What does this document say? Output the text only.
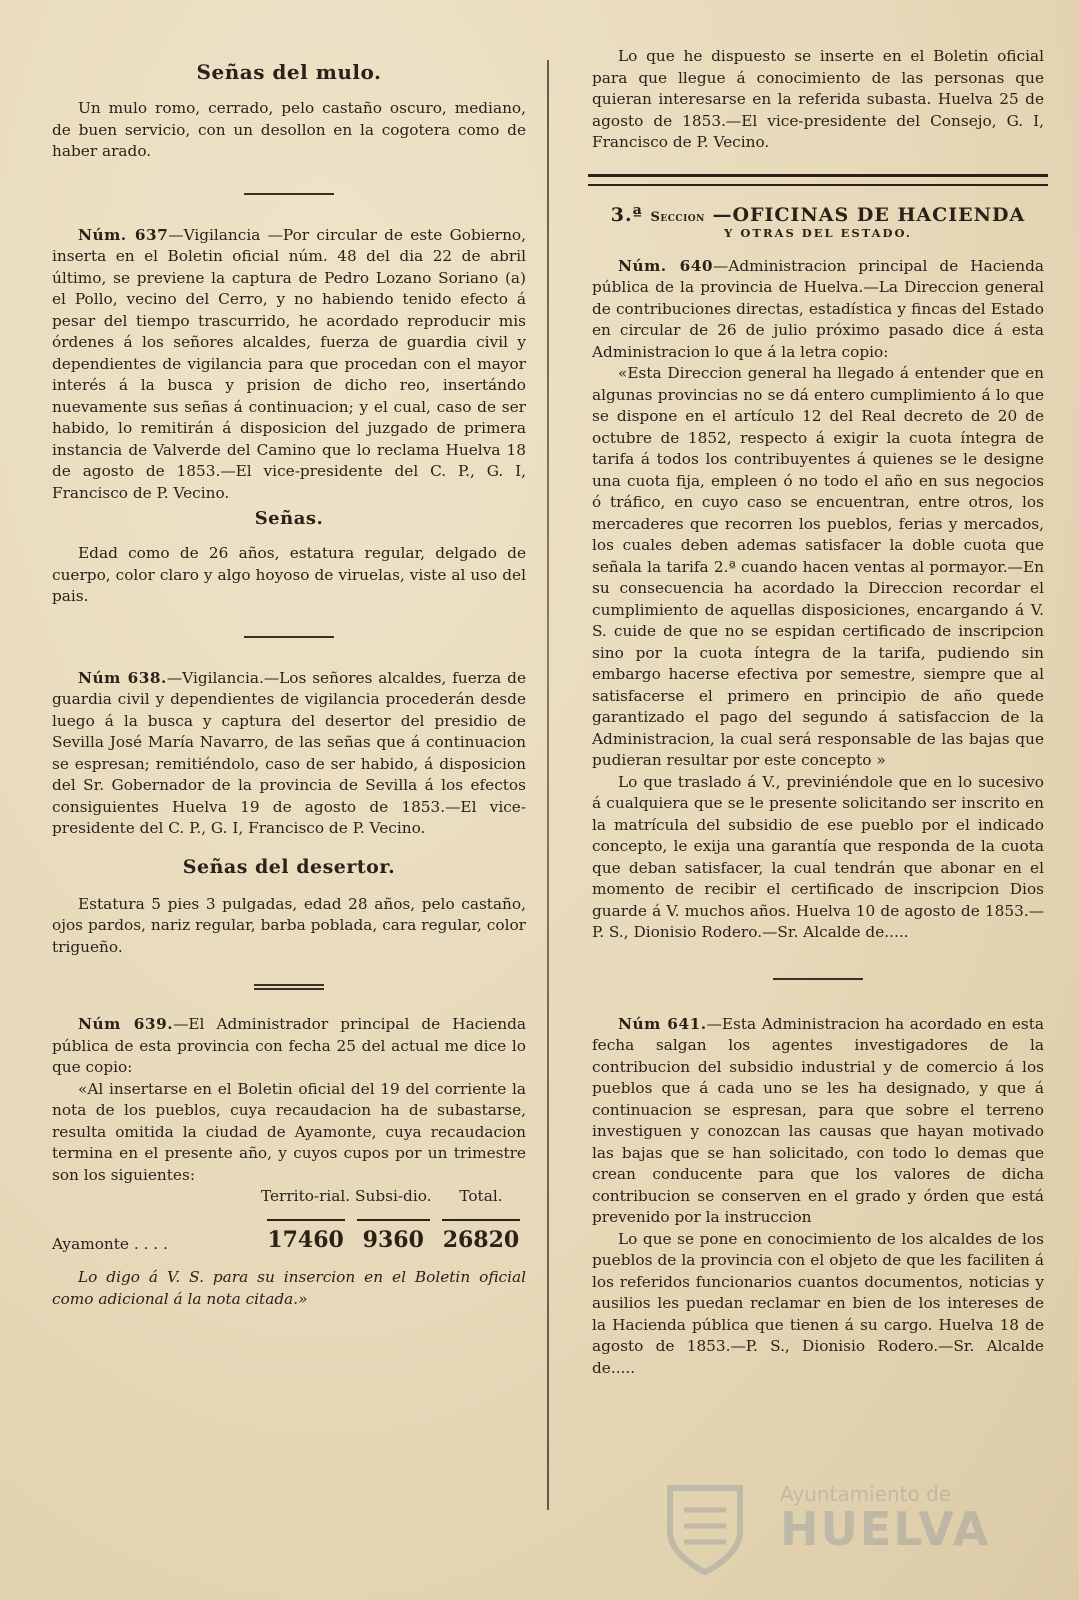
Señas del mulo.

Un mulo romo, cerrado, pelo castaño oscuro, mediano, de buen servicio, con un desollon en la cogotera como de haber arado.

Núm. 637—Vigilancia —Por circular de este Gobierno, inserta en el Boletin oficial núm. 48 del dia 22 de abril último, se previene la captura de Pedro Lozano Soriano (a) el Pollo, vecino del Cerro, y no habiendo tenido efecto á pesar del tiempo trascurrido, he acordado reproducir mis órdenes á los señores alcaldes, fuerza de guardia civil y dependientes de vigilancia para que procedan con el mayor interés á la busca y prision de dicho reo, insertándo nuevamente sus señas á continuacion; y el cual, caso de ser habido, lo remitirán á disposicion del juzgado de primera instancia de Valverde del Camino que lo reclama Huelva 18 de agosto de 1853.—El vice-presidente del C. P., G. I, Francisco de P. Vecino.

Señas.

Edad como de 26 años, estatura regular, delgado de cuerpo, color claro y algo hoyoso de viruelas, viste al uso del pais.

Núm 638.—Vigilancia.—Los señores alcaldes, fuerza de guardia civil y dependientes de vigilancia procederán desde luego á la busca y captura del desertor del presidio de Sevilla José María Navarro, de las señas que á continuacion se espresan; remitiéndolo, caso de ser habido, á disposicion del Sr. Gobernador de la provincia de Sevilla á los efectos consiguientes Huelva 19 de agosto de 1853.—El vice-presidente del C. P., G. I, Francisco de P. Vecino.

Señas del desertor.

Estatura 5 pies 3 pulgadas, edad 28 años, pelo castaño, ojos pardos, nariz regular, barba poblada, cara regular, color trigueño.

Núm 639.—El Administrador principal de Hacienda pública de esta provincia con fecha 25 del actual me dice lo que copio:

«Al insertarse en el Boletin oficial del 19 del corriente la nota de los pueblos, cuya recaudacion ha de subastarse, resulta omitida la ciudad de Ayamonte, cuya recaudacion termina en el presente año, y cuyos cupos por un trimestre son los siguientes:

	Territo-rial.	Subsi-dio.	Total.

Ayamonte . . . .	17460	9360	26820

Lo digo á V. S. para su insercion en el Boletin oficial como adicional á la nota citada.»

Lo que he dispuesto se inserte en el Boletin oficial para que llegue á conocimiento de las personas que quieran interesarse en la referida subasta. Huelva 25 de agosto de 1853.—El vice-presidente del Consejo, G. I, Francisco de P. Vecino.

3.ª Seccion —OFICINAS DE HACIENDA
Y OTRAS DEL ESTADO.

Núm. 640—Administracion principal de Hacienda pública de la provincia de Huelva.—La Direccion general de contribuciones directas, estadística y fincas del Estado en circular de 26 de julio próximo pasado dice á esta Administracion lo que á la letra copio:

«Esta Direccion general ha llegado á entender que en algunas provincias no se dá entero cumplimiento á lo que se dispone en el artículo 12 del Real decreto de 20 de octubre de 1852, respecto á exigir la cuota íntegra de tarifa á todos los contribuyentes á quienes se le designe una cuota fija, empleen ó no todo el año en sus negocios ó tráfico, en cuyo caso se encuentran, entre otros, los mercaderes que recorren los pueblos, ferias y mercados, los cuales deben ademas satisfacer la doble cuota que señala la tarifa 2.ª cuando hacen ventas al pormayor.—En su consecuencia ha acordado la Direccion recordar el cumplimiento de aquellas disposiciones, encargando á V. S. cuide de que no se espidan certificado de inscripcion sino por la cuota íntegra de la tarifa, pudiendo sin embargo hacerse efectiva por semestre, siempre que al satisfacerse el primero en principio de año quede garantizado el pago del segundo á satisfaccion de la Administracion, la cual será responsable de las bajas que pudieran resultar por este concepto »

Lo que traslado á V., previniéndole que en lo sucesivo á cualquiera que se le presente solicitando ser inscrito en la matrícula del subsidio de ese pueblo por el indicado concepto, le exija una garantía que responda de la cuota que deban satisfacer, la cual tendrán que abonar en el momento de recibir el certificado de inscripcion Dios guarde á V. muchos años. Huelva 10 de agosto de 1853.—P. S., Dionisio Rodero.—Sr. Alcalde de.....

Núm 641.—Esta Administracion ha acordado en esta fecha salgan los agentes investigadores de la contribucion del subsidio industrial y de comercio á los pueblos que á cada uno se les ha designado, y que á continuacion se espresan, para que sobre el terreno investiguen y conozcan las causas que hayan motivado las bajas que se han solicitado, con todo lo demas que crean conducente para que los valores de dicha contribucion se conserven en el grado y órden que está prevenido por la instruccion

Lo que se pone en conocimiento de los alcaldes de los pueblos de la provincia con el objeto de que les faciliten á los referidos funcionarios cuantos documentos, noticias y ausilios les puedan reclamar en bien de los intereses de la Hacienda pública que tienen á su cargo. Huelva 18 de agosto de 1853.—P. S., Dionisio Rodero.—Sr. Alcalde de.....

Ayuntamiento de
HUELVA
